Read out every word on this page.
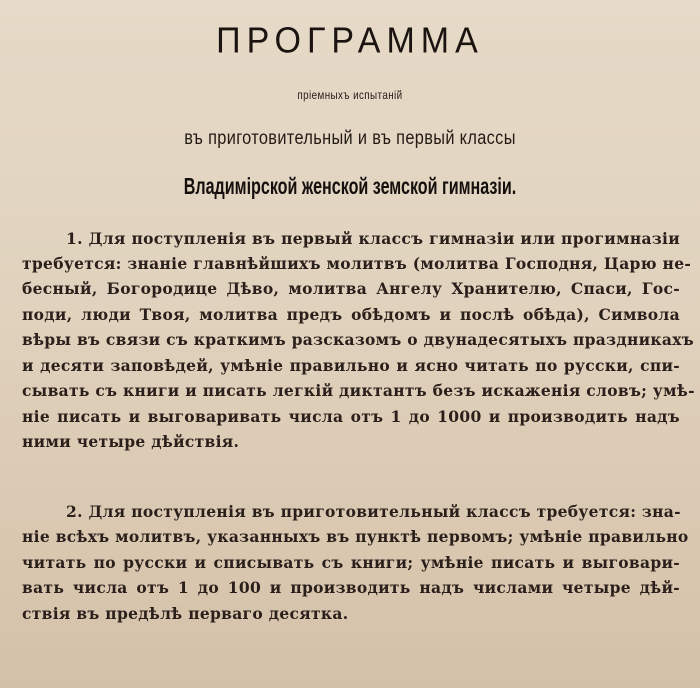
ПРОГРАММА
пріемныхъ испытаній
въ приготовительный и въ первый классы
Владимірской женской земской гимназіи.
1. Для поступленія въ первый классъ гимназіи или прогимназіи
требуется: знаніе главнѣйшихъ молитвъ (молитва Господня, Царю не-
бесный, Богородице Дѣво, молитва Ангелу Хранителю, Спаси, Гос-
поди, люди Твоя, молитва предъ обѣдомъ и послѣ обѣда), Символа
вѣры въ связи съ краткимъ разсказомъ о двунадесятыхъ праздникахъ
и десяти заповѣдей, умѣніе правильно и ясно читать по русски, спи-
сывать съ книги и писать легкій диктантъ безъ искаженія словъ; умѣ-
ніе писать и выговаривать числа отъ 1 до 1000 и производить надъ
ними четыре дѣйствія.
2. Для поступленія въ приготовительный классъ требуется: зна-
ніе всѣхъ молитвъ, указанныхъ въ пунктѣ первомъ; умѣніе правильно
читать по русски и списывать съ книги; умѣніе писать и выговари-
вать числа отъ 1 до 100 и производить надъ числами четыре дѣй-
ствія въ предѣлѣ перваго десятка.
